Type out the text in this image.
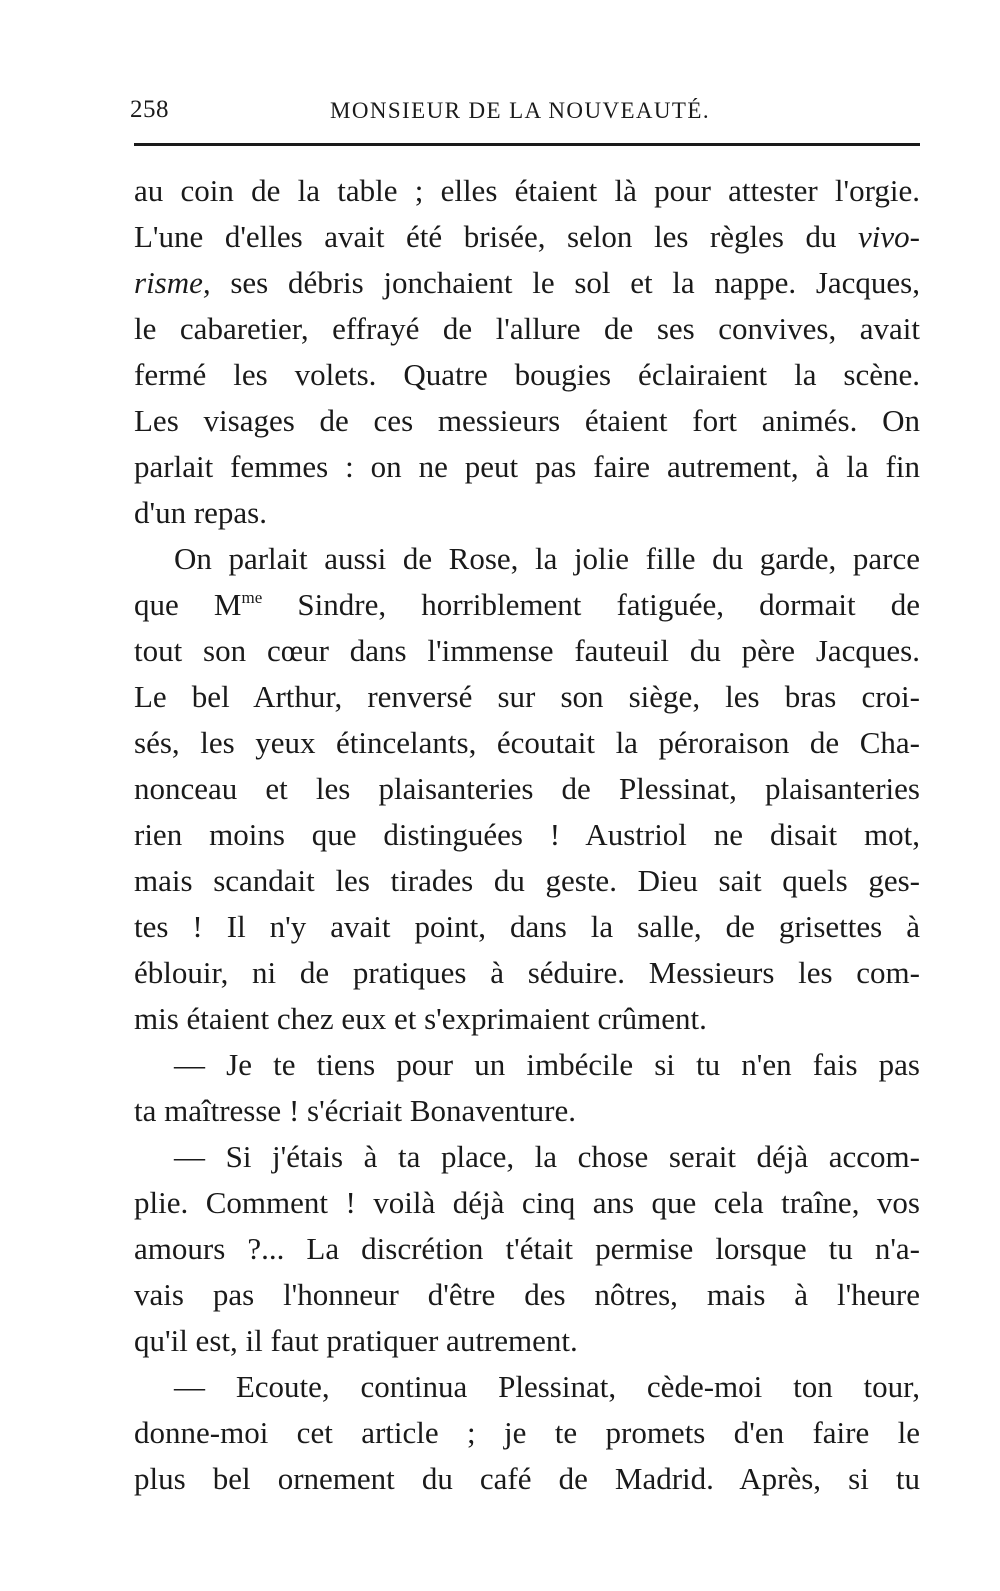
258	MONSIEUR DE LA NOUVEAUTÉ.
au coin de la table ; elles étaient là pour attester l'orgie.
L'une d'elles avait été brisée, selon les règles du vivo-
risme, ses débris jonchaient le sol et la nappe. Jacques,
le cabaretier, effrayé de l'allure de ses convives, avait
fermé les volets. Quatre bougies éclairaient la scène.
Les visages de ces messieurs étaient fort animés. On
parlait femmes : on ne peut pas faire autrement, à la fin
d'un repas.
On parlait aussi de Rose, la jolie fille du garde, parce
que $M^{me}$ Sindre, horriblement fatiguée, dormait de
tout son cœur dans l'immense fauteuil du père Jacques.
Le bel Arthur, renversé sur son siège, les bras croi-
sés, les yeux étincelants, écoutait la péroraison de Cha-
nonceau et les plaisanteries de Plessinat, plaisanteries
rien moins que distinguées ! Austriol ne disait mot,
mais scandait les tirades du geste. Dieu sait quels ges-
tes ! Il n'y avait point, dans la salle, de grisettes à
éblouir, ni de pratiques à séduire. Messieurs les com-
mis étaient chez eux et s'exprimaient crûment.
— Je te tiens pour un imbécile si tu n'en fais pas
ta maîtresse ! s'écriait Bonaventure.
— Si j'étais à ta place, la chose serait déjà accom-
plie. Comment ! voilà déjà cinq ans que cela traîne, vos
amours ?... La discrétion t'était permise lorsque tu n'a-
vais pas l'honneur d'être des nôtres, mais à l'heure
qu'il est, il faut pratiquer autrement.
— Ecoute, continua Plessinat, cède-moi ton tour,
donne-moi cet article ; je te promets d'en faire le
plus bel ornement du café de Madrid. Après, si tu
